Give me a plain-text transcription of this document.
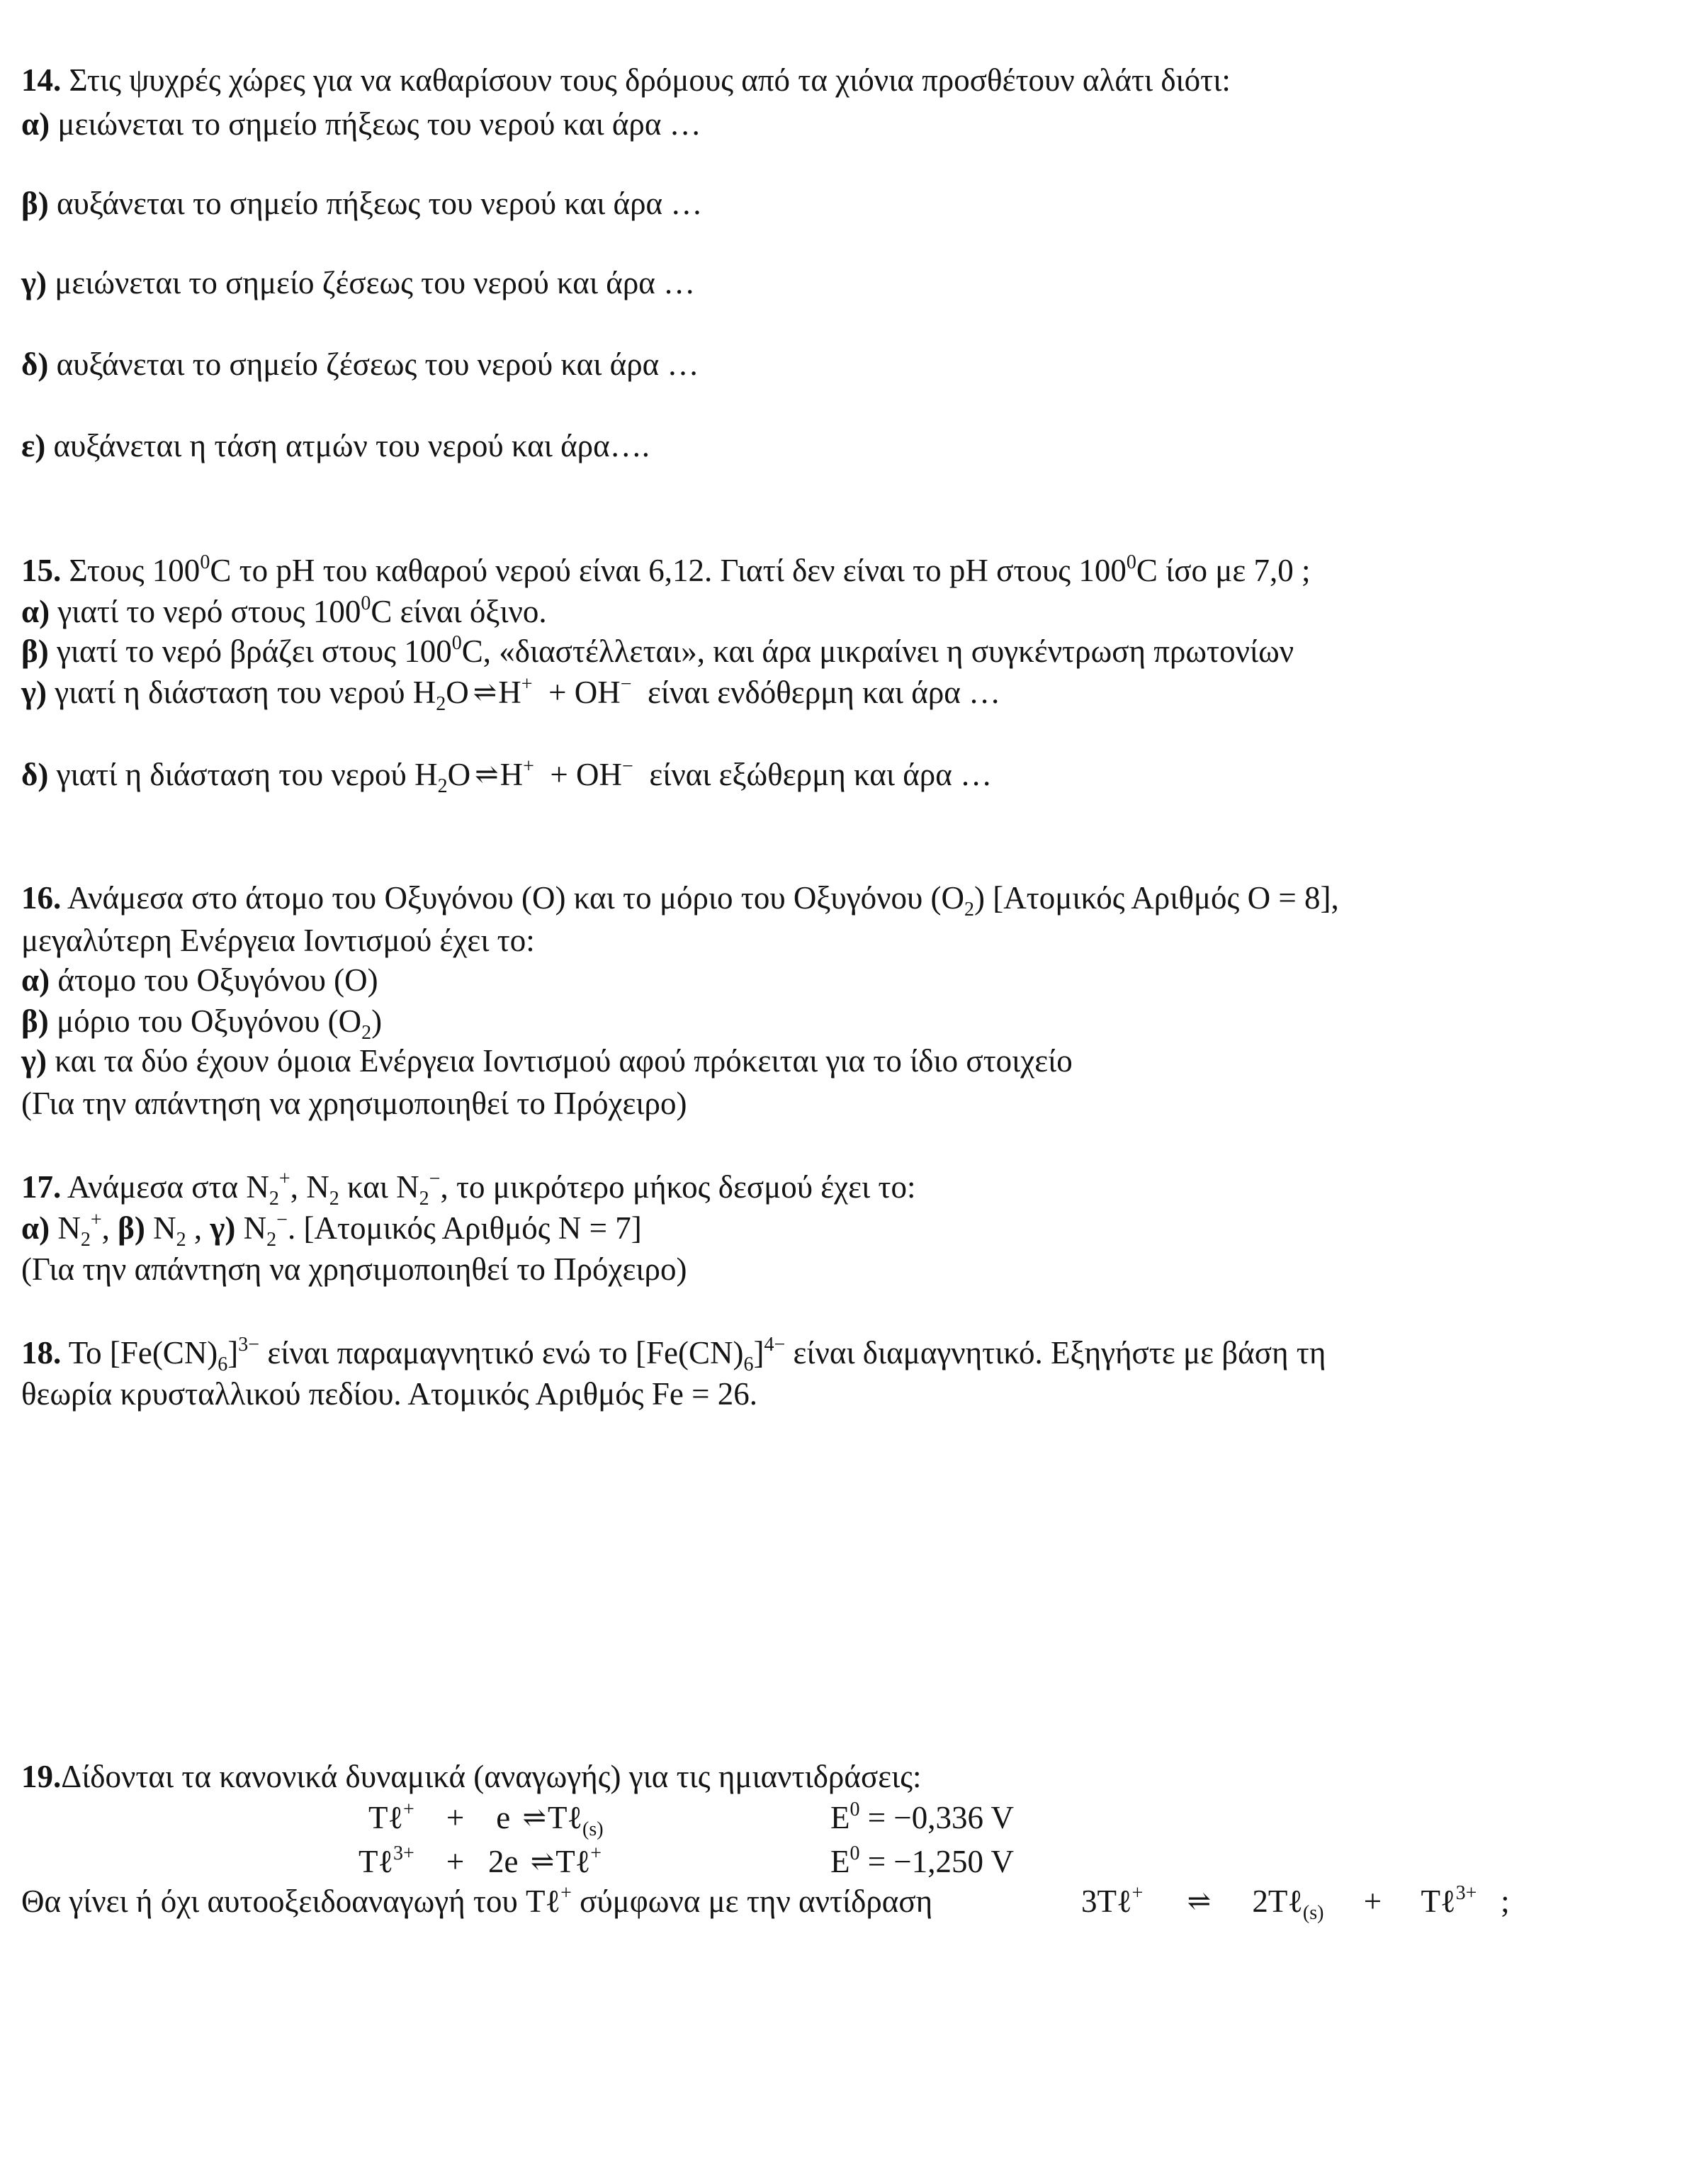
14. Στις ψυχρές χώρες για να καθαρίσουν τους δρόμους από τα χιόνια προσθέτουν αλάτι διότι:
α) μειώνεται το σημείο πήξεως του νερού και άρα …
β) αυξάνεται το σημείο πήξεως του νερού και άρα …
γ) μειώνεται το σημείο ζέσεως του νερού και άρα …
δ) αυξάνεται το σημείο ζέσεως του νερού και άρα …
ε) αυξάνεται η τάση ατμών του νερού και άρα….
15. Στους $100^0C$ το pH του καθαρού νερού είναι 6,12. Γιατί δεν είναι το pH στους $100^0C$ ίσο με 7,0 ;
α) γιατί το νερό στους $100^0C$ είναι όξινο.
β) γιατί το νερό βράζει στους $100^0C$, «διαστέλλεται», και άρα μικραίνει η συγκέντρωση πρωτονίων
γ) γιατί η διάσταση του νερού $H_2O$ ⇌ H+ + OH− είναι ενδόθερμη και άρα …
δ) γιατί η διάσταση του νερού $H_2O$ ⇌ H+ + OH− είναι εξώθερμη και άρα …
16. Ανάμεσα στο άτομο του Οξυγόνου (Ο) και το μόριο του Οξυγόνου $(O_2)$ [Ατομικός Αριθμός Ο = 8],
μεγαλύτερη Ενέργεια Ιοντισμού έχει το:
α) άτομο του Οξυγόνου (Ο)
β) μόριο του Οξυγόνου $(O_2)$
γ) και τα δύο έχουν όμοια Ενέργεια Ιοντισμού αφού πρόκειται για το ίδιο στοιχείο
(Για την απάντηση να χρησιμοποιηθεί το Πρόχειρο)
17. Ανάμεσα στα $N_2^+$, $N_2$ και $N_2^-$, το μικρότερο μήκος δεσμού έχει το:
α) $N_2^+$, β) $N_2$ , γ) $N_2^-$. [Ατομικός Αριθμός Ν = 7]
(Για την απάντηση να χρησιμοποιηθεί το Πρόχειρο)
18. Το $[Fe(CN)_6]^{3-}$ είναι παραμαγνητικό ενώ το $[Fe(CN)_6]^{4-}$ είναι διαμαγνητικό. Εξηγήστε με βάση τη
θεωρία κρυσταλλικού πεδίου. Ατομικός Αριθμός Fe = 26.
19.Δίδονται τα κανονικά δυναμικά (αναγωγής) για τις ημιαντιδράσεις:
Tℓ+ + e ⇌ Tℓ$_{(s)}$	$E^0 = -0,336$ V
Tℓ$^{3+}$ + 2e ⇌ Tℓ+	$E^0 = -1,250$ V
Θα γίνει ή όχι αυτοοξειδοαναγωγή του Tℓ+ σύμφωνα με την αντίδραση	3Tℓ+ ⇌ 2Tℓ$_{(s)}$ + Tℓ$^{3+}$ ;
